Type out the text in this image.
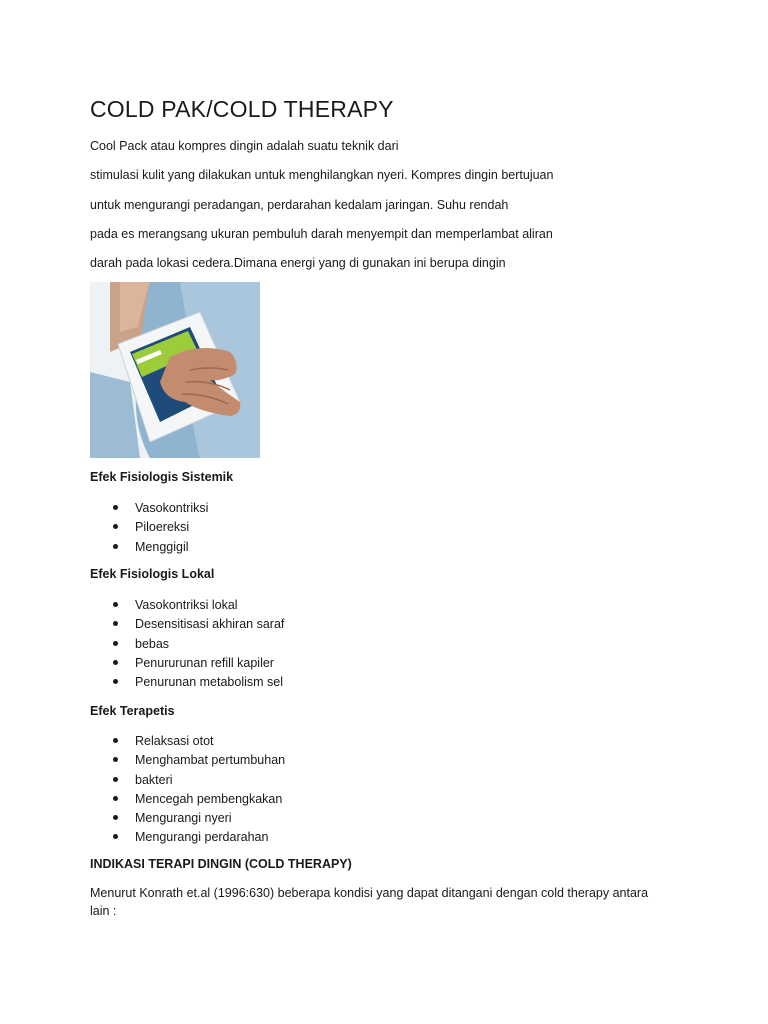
COLD PAK/COLD THERAPY
Cool Pack atau kompres dingin adalah suatu teknik dari
stimulasi kulit yang dilakukan untuk menghilangkan nyeri. Kompres dingin bertujuan
untuk mengurangi peradangan, perdarahan kedalam jaringan. Suhu rendah
pada es merangsang ukuran pembuluh darah menyempit dan memperlambat aliran
darah pada lokasi cedera.Dimana energi yang di gunakan ini berupa dingin

Efek Fisiologis Sistemik

Vasokontriksi
Piloereksi
Menggigil

Efek Fisiologis Lokal

Vasokontriksi lokal
Desensitisasi akhiran saraf
bebas
Penururunan refill kapiler
Penurunan metabolism sel

Efek Terapetis

Relaksasi otot
Menghambat pertumbuhan
bakteri
Mencegah pembengkakan
Mengurangi nyeri
Mengurangi perdarahan

INDIKASI TERAPI DINGIN (COLD THERAPY)

Menurut Konrath et.al (1996:630) beberapa kondisi yang dapat ditangani dengan cold therapy antara lain :
